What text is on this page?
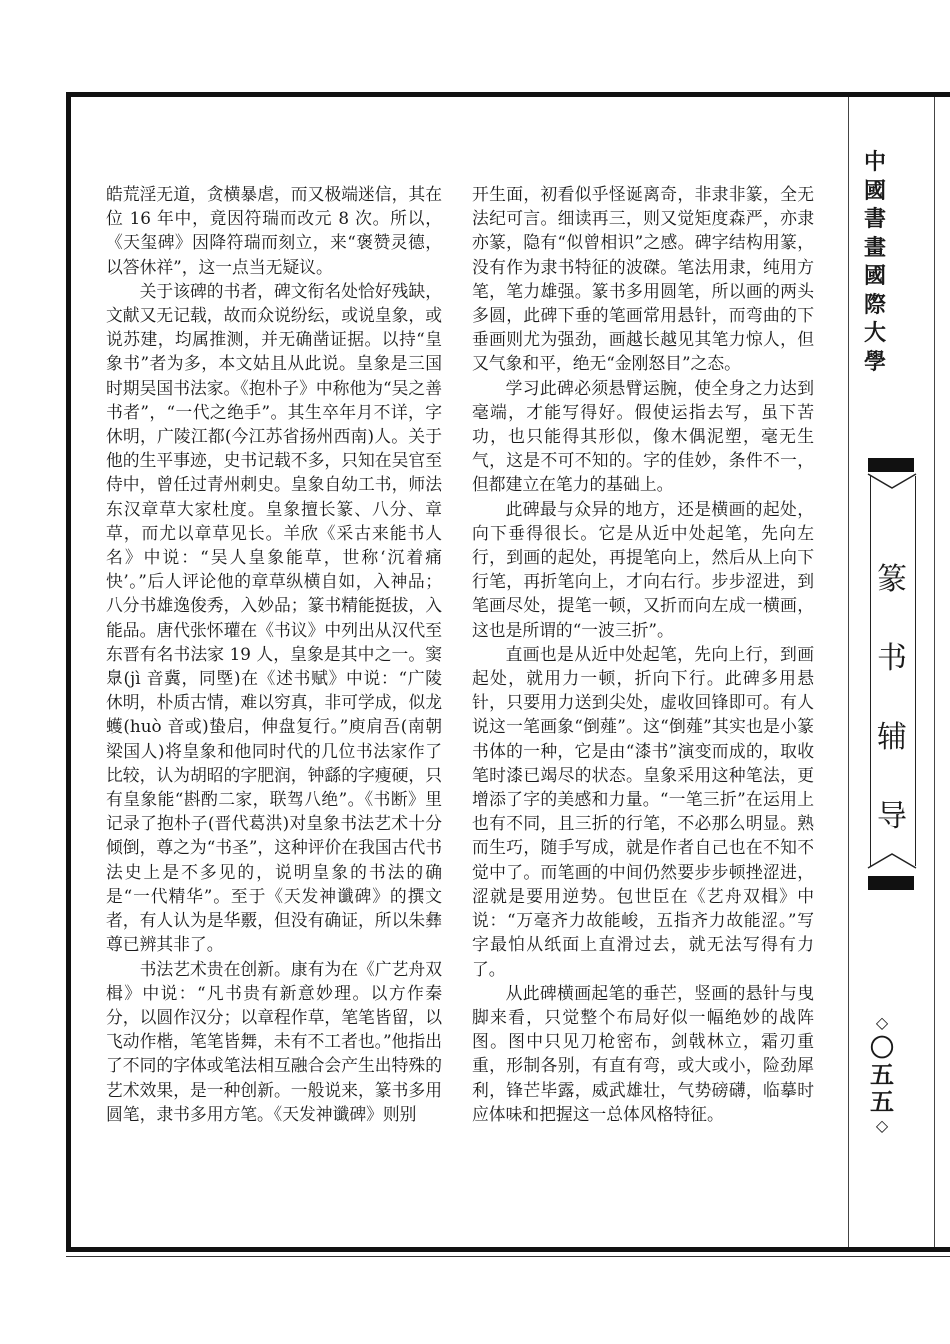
皓荒淫无道，贪横暴虐，而又极端迷信，其在位 16 年中，竟因符瑞而改元 8 次。所以，《天玺碑》因降符瑞而刻立，来“褒赞灵德，以答休祥”，这一点当无疑议。

关于该碑的书者，碑文衔名处恰好残缺，文献又无记载，故而众说纷纭，或说皇象，或说苏建，均属推测，并无确凿证据。以持“皇象书”者为多，本文姑且从此说。皇象是三国时期吴国书法家。《抱朴子》中称他为“吴之善书者”，“一代之绝手”。其生卒年月不详，字休明，广陵江都(今江苏省扬州西南)人。关于他的生平事迹，史书记载不多，只知在吴官至侍中，曾任过青州刺史。皇象自幼工书，师法东汉章草大家杜度。皇象擅长篆、八分、章草，而尤以章草见长。羊欣《采古来能书人名》中说：“吴人皇象能草，世称‘沉着痛快’。”后人评论他的章草纵横自如，入神品；八分书雄逸俊秀，入妙品；篆书精能挺拔，入能品。唐代张怀瓘在《书议》中列出从汉代至东晋有名书法家 19 人，皇象是其中之一。窦臮(jì 音冀，同塈)在《述书赋》中说：“广陵休明，朴质古情，难以穷真，非可学成，似龙蠖(huò 音或)蛰启，伸盘复行。”庾肩吾(南朝梁国人)将皇象和他同时代的几位书法家作了比较，认为胡昭的字肥润，钟繇的字瘦硬，只有皇象能“斟酌二家，联驾八绝”。《书断》里记录了抱朴子(晋代葛洪)对皇象书法艺术十分倾倒，尊之为“书圣”，这种评价在我国古代书法史上是不多见的，说明皇象的书法的确是“一代精华”。至于《天发神谶碑》的撰文者，有人认为是华覈，但没有确证，所以朱彝尊已辨其非了。

书法艺术贵在创新。康有为在《广艺舟双楫》中说：“凡书贵有新意妙理。以方作秦分，以圆作汉分；以章程作草，笔笔皆留，以飞动作楷，笔笔皆舞，未有不工者也。”他指出了不同的字体或笔法相互融合会产生出特殊的艺术效果，是一种创新。一般说来，篆书多用圆笔，隶书多用方笔。《天发神谶碑》则别

开生面，初看似乎怪诞离奇，非隶非篆，全无法纪可言。细读再三，则又觉矩度森严，亦隶亦篆，隐有“似曾相识”之感。碑字结构用篆，没有作为隶书特征的波磔。笔法用隶，纯用方笔，笔力雄强。篆书多用圆笔，所以画的两头多圆，此碑下垂的笔画常用悬针，而弯曲的下垂画则尤为强劲，画越长越见其笔力惊人，但又气象和平，绝无“金刚怒目”之态。

学习此碑必须悬臂运腕，使全身之力达到毫端，才能写得好。假使运指去写，虽下苦功，也只能得其形似，像木偶泥塑，毫无生气，这是不可不知的。字的佳妙，条件不一，但都建立在笔力的基础上。

此碑最与众异的地方，还是横画的起处，向下垂得很长。它是从近中处起笔，先向左行，到画的起处，再提笔向上，然后从上向下行笔，再折笔向上，才向右行。步步涩进，到笔画尽处，提笔一顿，又折而向左成一横画，这也是所谓的“一波三折”。

直画也是从近中处起笔，先向上行，到画起处，就用力一顿，折向下行。此碑多用悬针，只要用力送到尖处，虚收回锋即可。有人说这一笔画象“倒薤”。这“倒薤”其实也是小篆书体的一种，它是由“漆书”演变而成的，取收笔时漆已竭尽的状态。皇象采用这种笔法，更增添了字的美感和力量。“一笔三折”在运用上也有不同，且三折的行笔，不必那么明显。熟而生巧，随手写成，就是作者自己也在不知不觉中了。而笔画的中间仍然要步步顿挫涩进，涩就是要用逆势。包世臣在《艺舟双楫》中说：“万毫齐力故能峻，五指齐力故能涩。”写字最怕从纸面上直滑过去，就无法写得有力了。

从此碑横画起笔的垂芒，竖画的悬针与曳脚来看，只觉整个布局好似一幅绝妙的战阵图。图中只见刀枪密布，剑戟林立，霜刃重重，形制各别，有直有弯，或大或小，险劲犀利，锋芒毕露，威武雄壮，气势磅礴，临摹时应体味和把握这一总体风格特征。

中國書畫國際大學
篆书辅导
◇
〇五五
◇
